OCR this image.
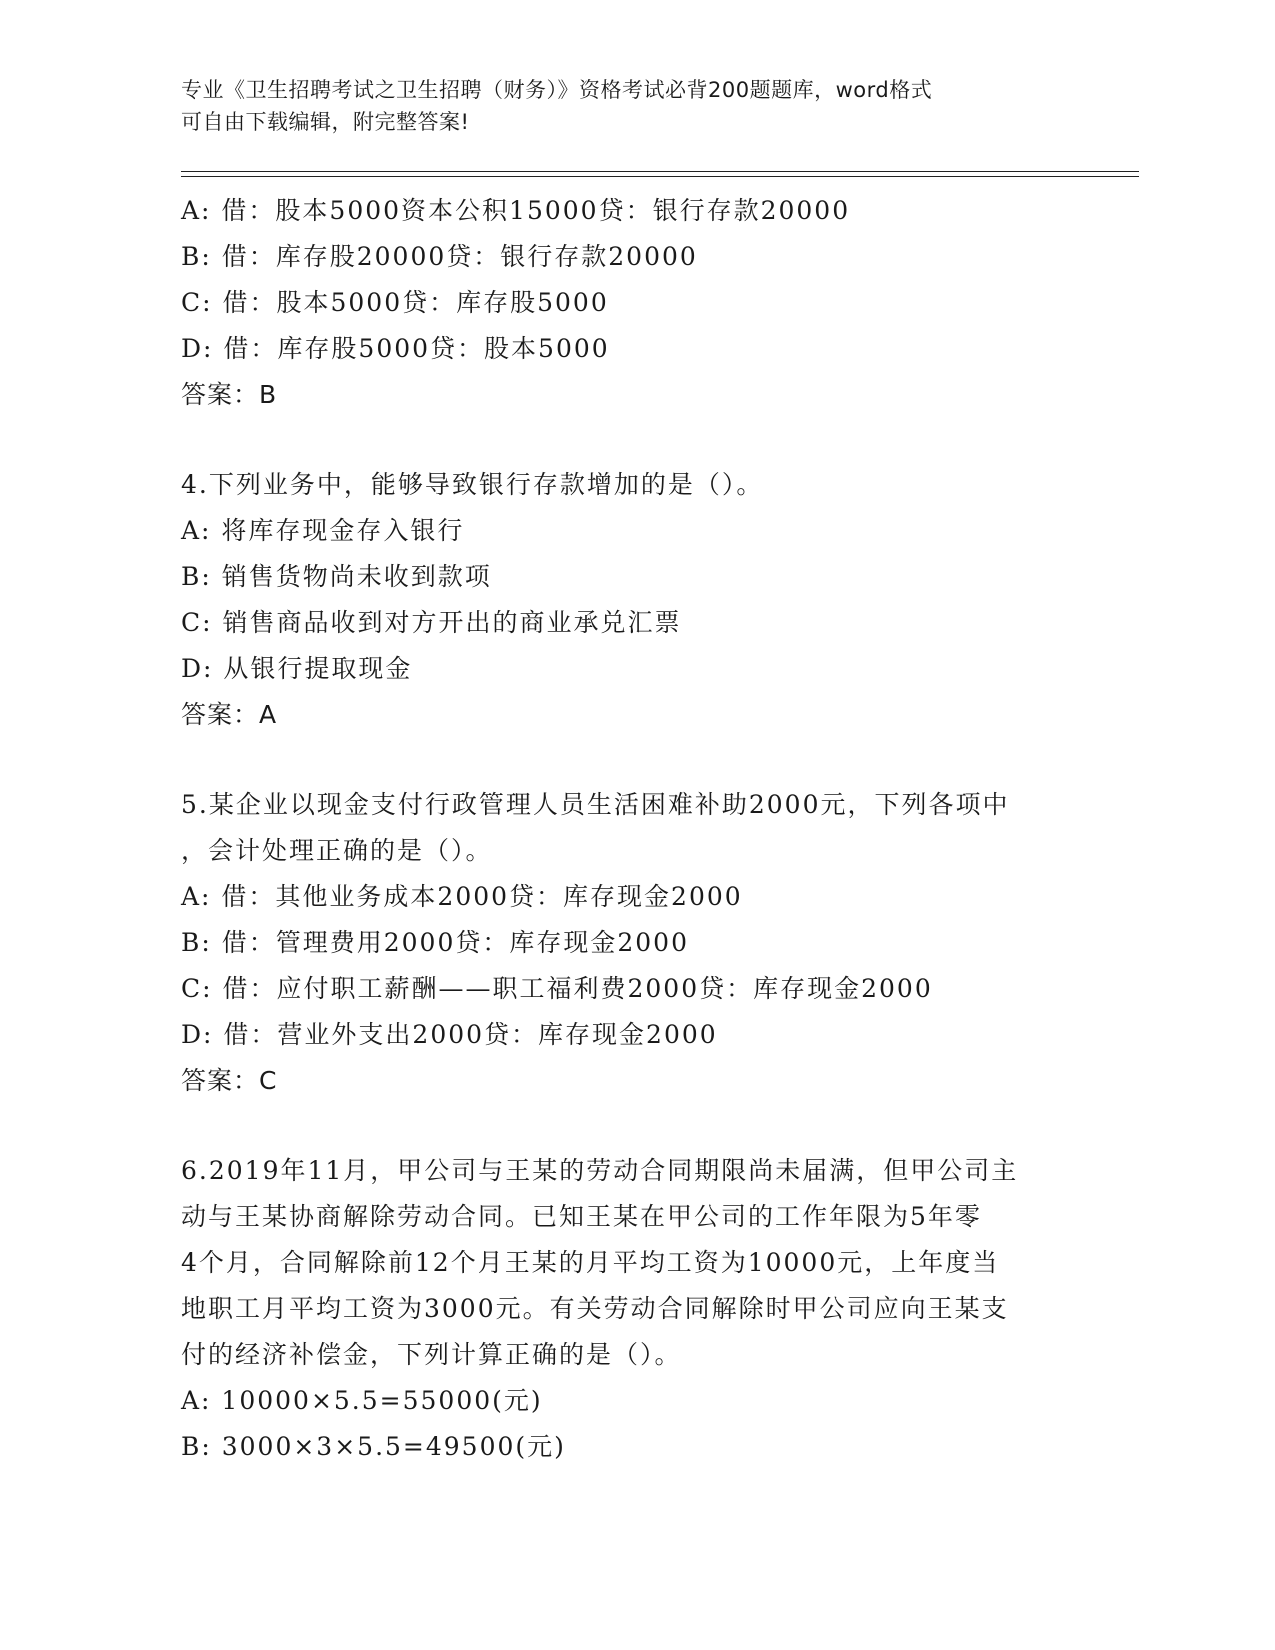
专业《卫生招聘考试之卫生招聘（财务）》资格考试必背200题题库，word格式
可自由下载编辑，附完整答案!
A: 借：股本5000资本公积15000贷：银行存款20000
B: 借：库存股20000贷：银行存款20000
C: 借：股本5000贷：库存股5000
D: 借：库存股5000贷：股本5000
答案：B
4.下列业务中，能够导致银行存款增加的是（）。
A: 将库存现金存入银行
B: 销售货物尚未收到款项
C: 销售商品收到对方开出的商业承兑汇票
D: 从银行提取现金
答案：A
5.某企业以现金支付行政管理人员生活困难补助2000元，下列各项中
，会计处理正确的是（）。
A: 借：其他业务成本2000贷：库存现金2000
B: 借：管理费用2000贷：库存现金2000
C: 借：应付职工薪酬——职工福利费2000贷：库存现金2000
D: 借：营业外支出2000贷：库存现金2000
答案：C
6.2019年11月，甲公司与王某的劳动合同期限尚未届满，但甲公司主
动与王某协商解除劳动合同。已知王某在甲公司的工作年限为5年零
4个月，合同解除前12个月王某的月平均工资为10000元，上年度当
地职工月平均工资为3000元。有关劳动合同解除时甲公司应向王某支
付的经济补偿金，下列计算正确的是（）。
A: 10000×5.5=55000(元)
B: 3000×3×5.5=49500(元)
